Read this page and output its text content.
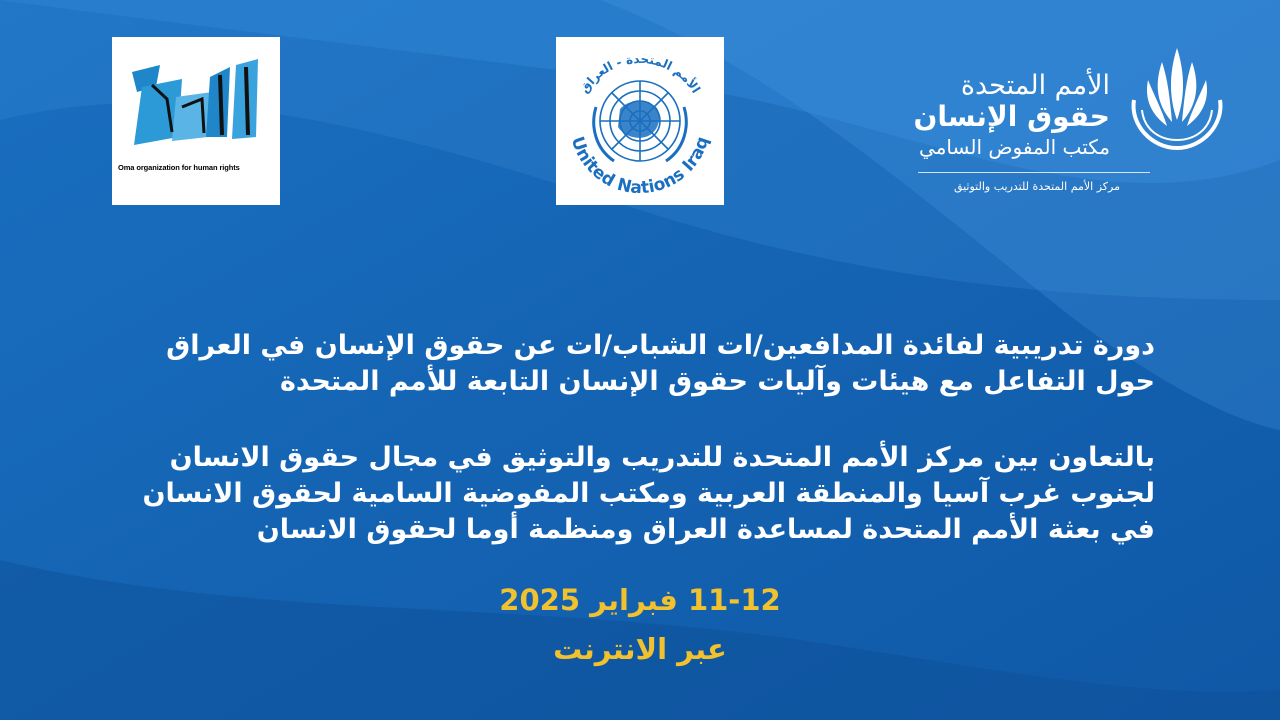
Oma organization for human rights
الأمم المتحدة - العراق
United Nations Iraq
الأمم المتحدة
حقوق الإنسان
مكتب المفوض السامي
مركز الأمم المتحدة للتدريب والتوثيق
دورة تدريبية لفائدة المدافعين/ات الشباب/ات عن حقوق الإنسان في العراق
حول التفاعل مع هيئات وآليات حقوق الإنسان التابعة للأمم المتحدة
بالتعاون بين مركز الأمم المتحدة للتدريب والتوثيق في مجال حقوق الانسان
لجنوب غرب آسيا والمنطقة العربية ومكتب المفوضية السامية لحقوق الانسان
في بعثة الأمم المتحدة لمساعدة العراق ومنظمة أوما لحقوق الانسان
11-12 فبراير 2025
عبر الانترنت
